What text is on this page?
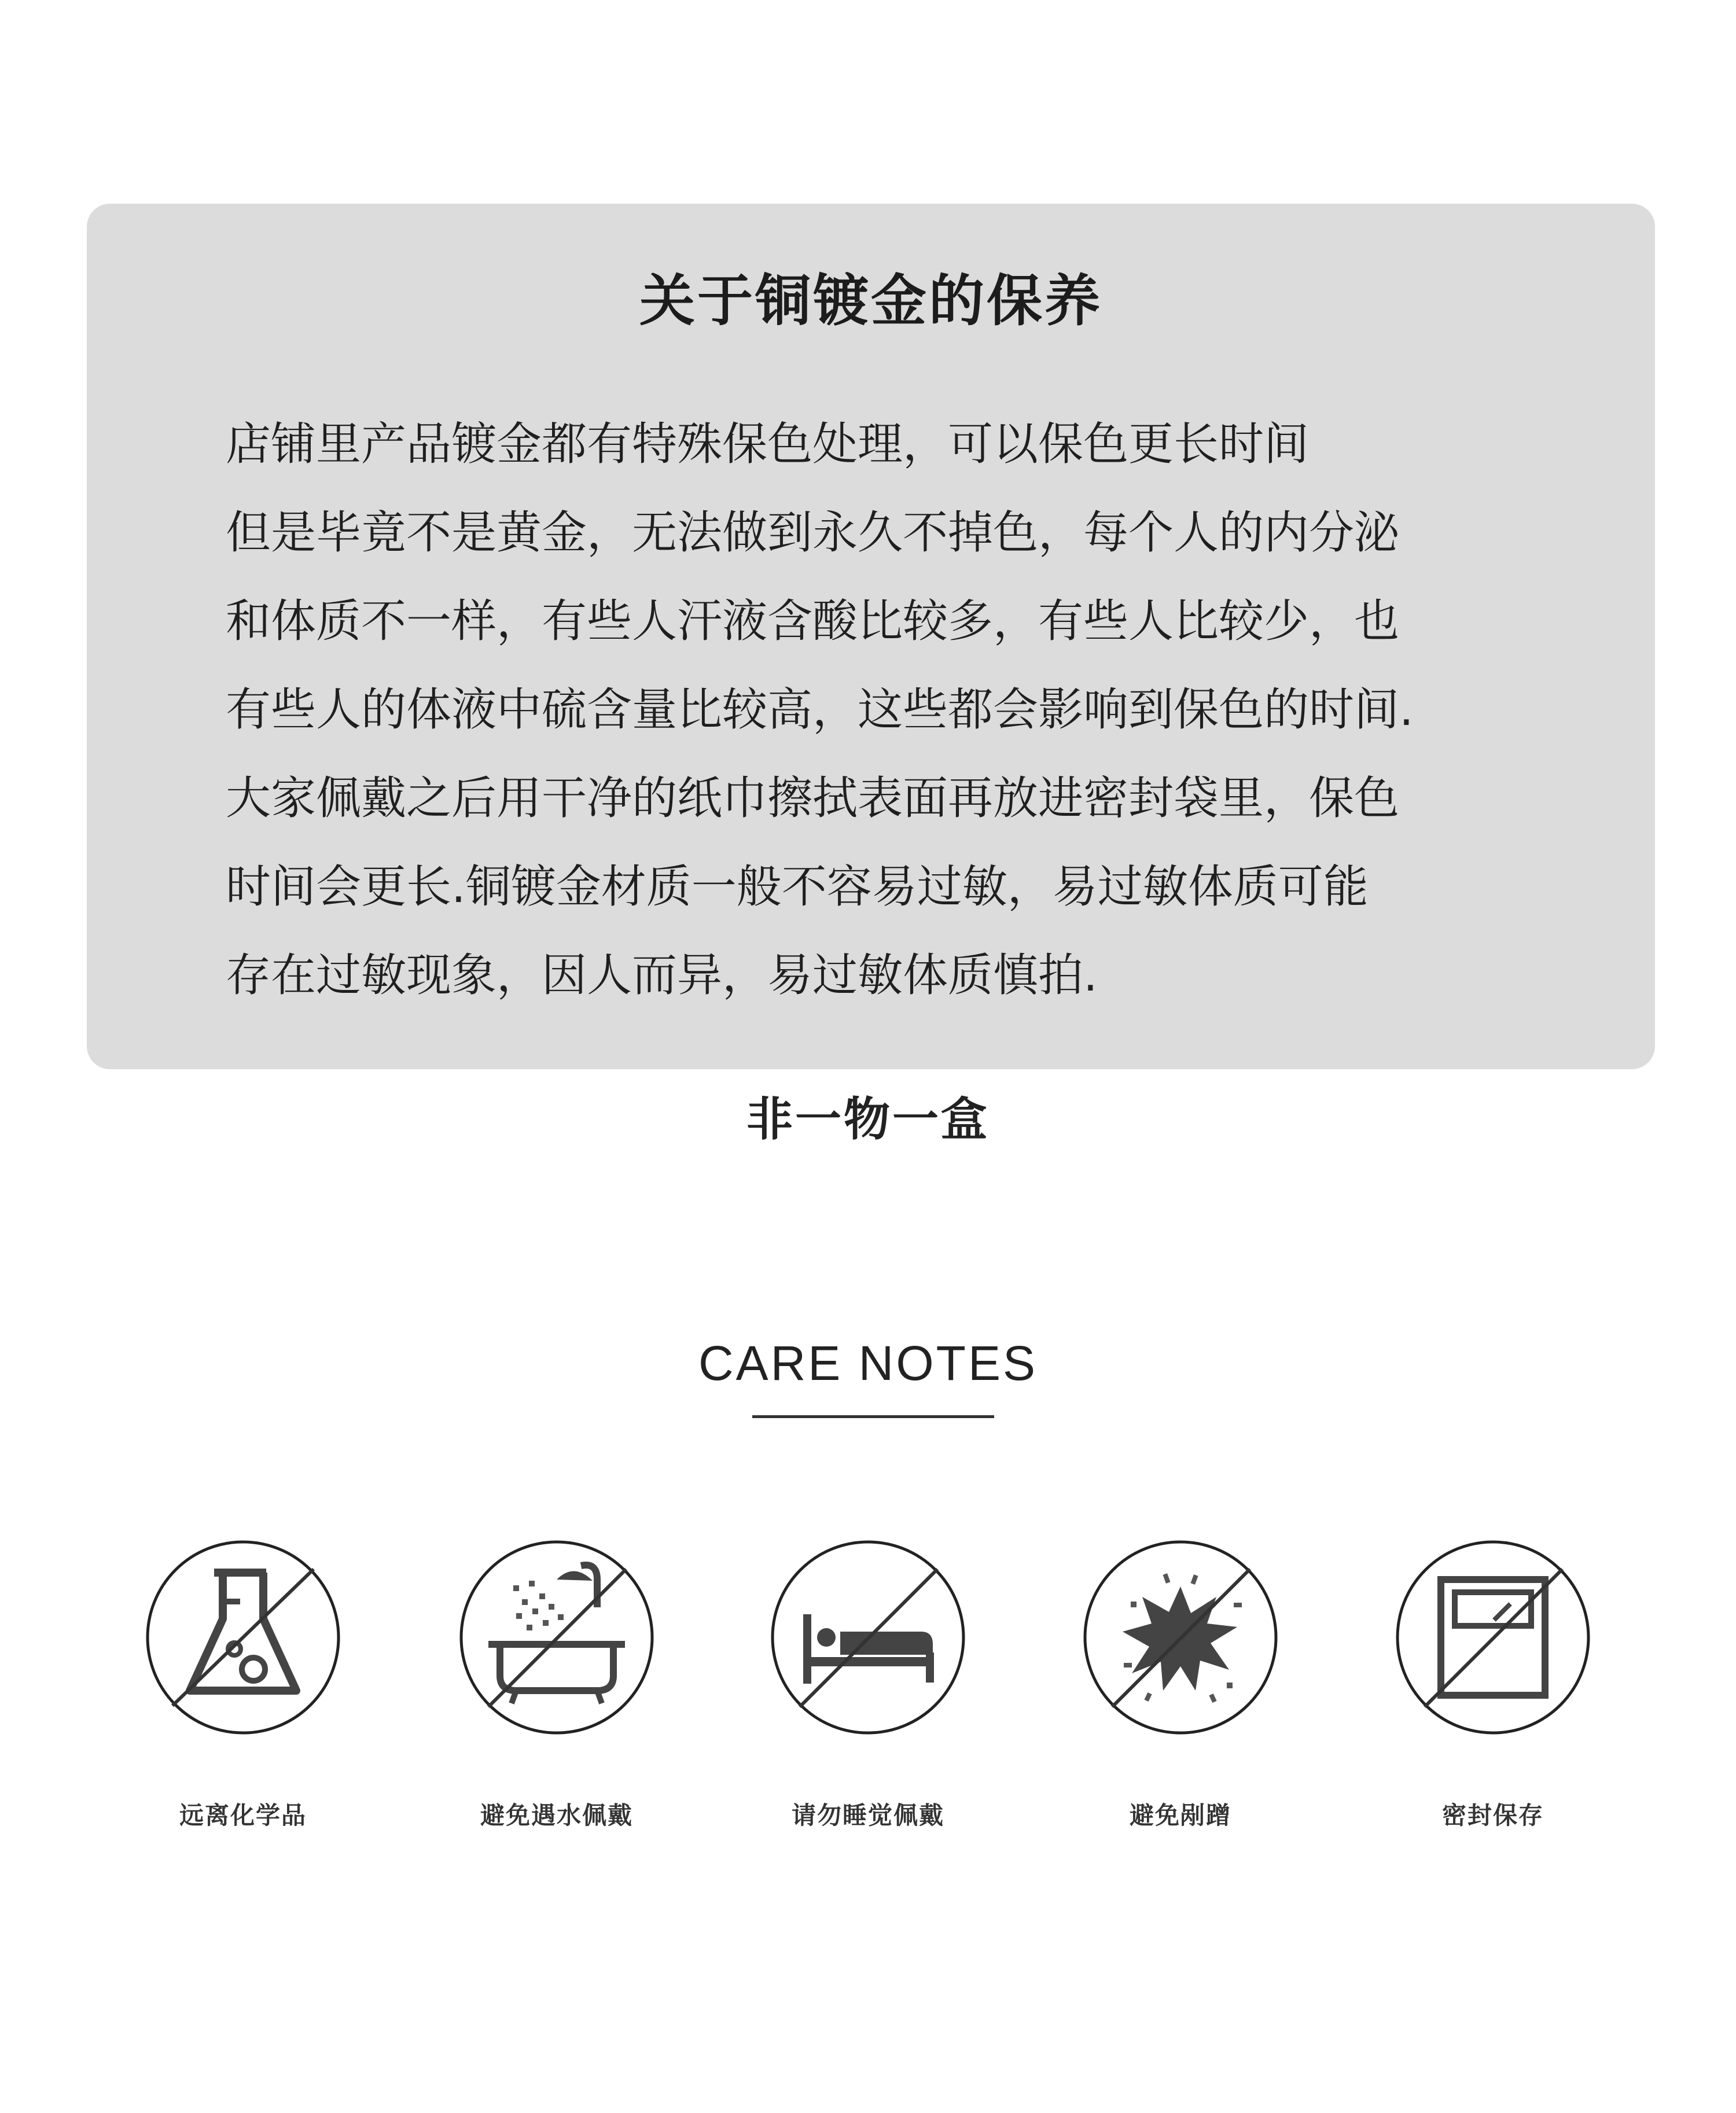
关于铜镀金的保养
店铺里产品镀金都有特殊保色处理，可以保色更长时间
但是毕竟不是黄金，无法做到永久不掉色，每个人的内分泌
和体质不一样，有些人汗液含酸比较多，有些人比较少，也
有些人的体液中硫含量比较高，这些都会影响到保色的时间.
大家佩戴之后用干净的纸巾擦拭表面再放进密封袋里，保色
时间会更长.铜镀金材质一般不容易过敏，易过敏体质可能
存在过敏现象，因人而异，易过敏体质慎拍.
非一物一盒
CARE NOTES
远离化学品	避免遇水佩戴	请勿睡觉佩戴	避免剐蹭	密封保存
